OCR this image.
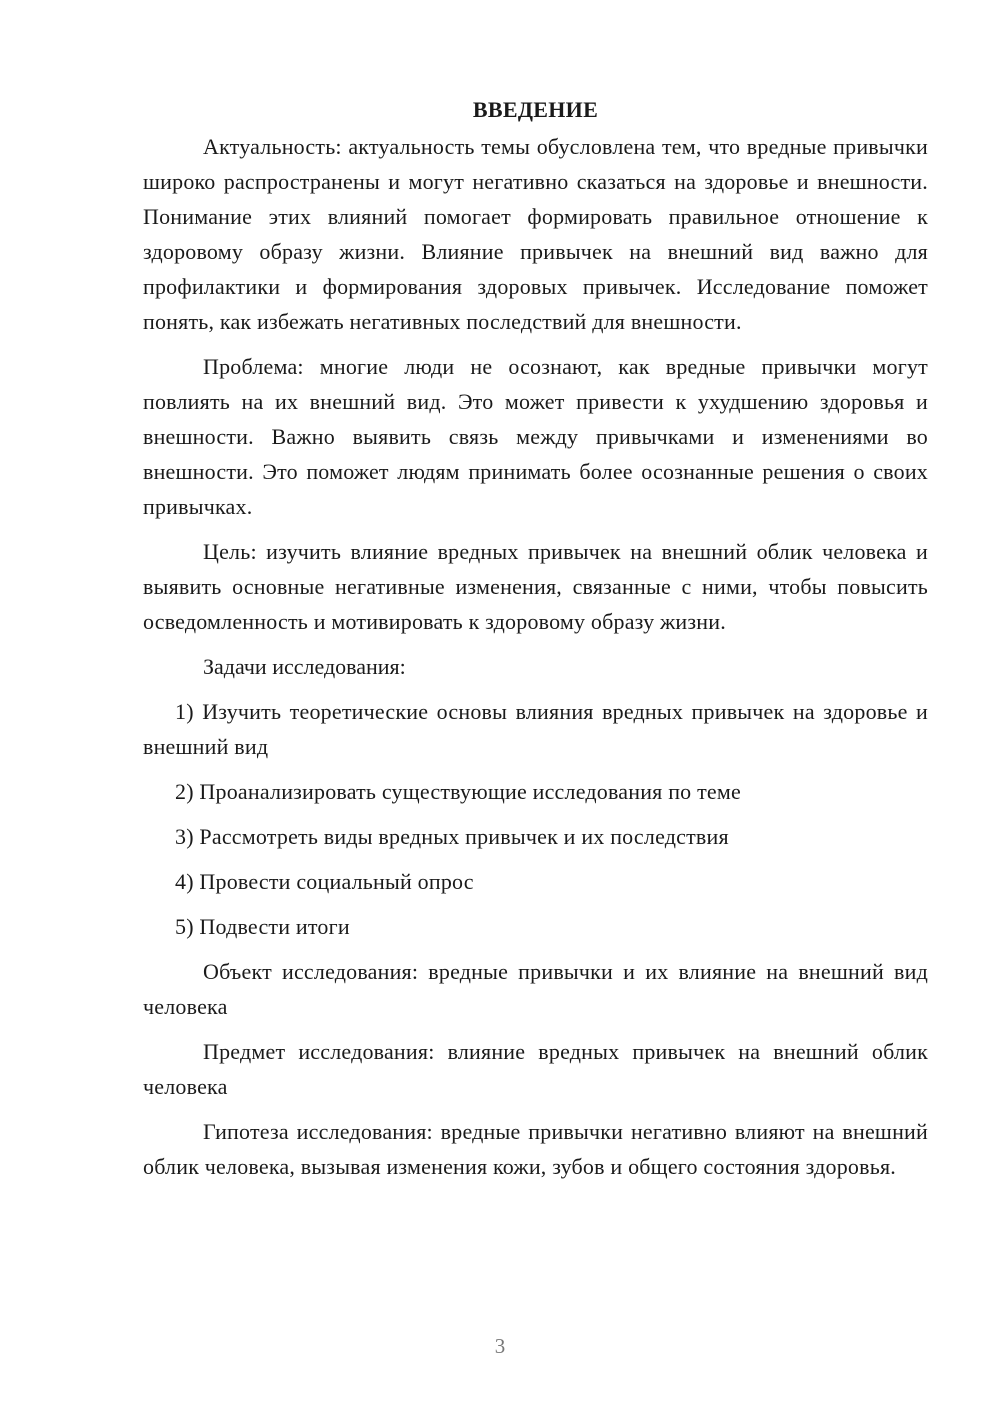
ВВЕДЕНИЕ

Актуальность: актуальность темы обусловлена тем, что вредные привычки широко распространены и могут негативно сказаться на здоровье и внешности. Понимание этих влияний помогает формировать правильное отношение к здоровому образу жизни. Влияние привычек на внешний вид важно для профилактики и формирования здоровых привычек. Исследование поможет понять, как избежать негативных последствий для внешности.

Проблема: многие люди не осознают, как вредные привычки могут повлиять на их внешний вид. Это может привести к ухудшению здоровья и внешности. Важно выявить связь между привычками и изменениями во внешности. Это поможет людям принимать более осознанные решения о своих привычках.

Цель: изучить влияние вредных привычек на внешний облик человека и выявить основные негативные изменения, связанные с ними, чтобы повысить осведомленность и мотивировать к здоровому образу жизни.

Задачи исследования:

1) Изучить теоретические основы влияния вредных привычек на здоровье и внешний вид

2) Проанализировать существующие исследования по теме

3) Рассмотреть виды вредных привычек и их последствия

4) Провести социальный опрос

5) Подвести итоги

Объект исследования: вредные привычки и их влияние на внешний вид человека

Предмет исследования: влияние вредных привычек на внешний облик человека

Гипотеза исследования: вредные привычки негативно влияют на внешний облик человека, вызывая изменения кожи, зубов и общего состояния здоровья.

3
